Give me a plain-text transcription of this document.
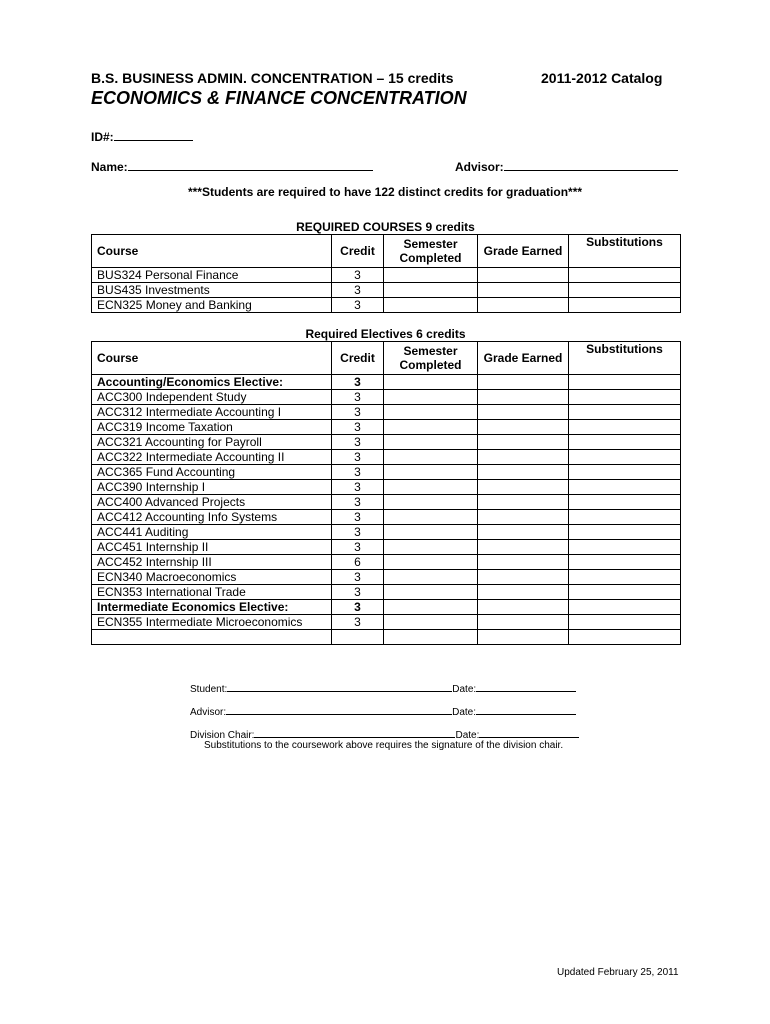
B.S. BUSINESS ADMIN. CONCENTRATION – 15 credits	2011-2012 Catalog
ECONOMICS & FINANCE CONCENTRATION
ID#:
Name:	Advisor:
***Students are required to have 122 distinct credits for graduation***
REQUIRED COURSES 9 credits
Course	Credit	Semester Completed	Grade Earned	Substitutions
BUS324 Personal Finance	3			
BUS435 Investments	3			
ECN325 Money and Banking	3			
Required Electives 6 credits
Course	Credit	Semester Completed	Grade Earned	Substitutions
Accounting/Economics Elective:	3			
ACC300 Independent Study	3			
ACC312 Intermediate Accounting I	3			
ACC319 Income Taxation	3			
ACC321 Accounting for Payroll	3			
ACC322 Intermediate Accounting II	3			
ACC365 Fund Accounting	3			
ACC390 Internship I	3			
ACC400 Advanced Projects	3			
ACC412 Accounting Info Systems	3			
ACC441 Auditing	3			
ACC451 Internship II	3			
ACC452 Internship III	6			
ECN340 Macroeconomics	3			
ECN353 International Trade	3			
Intermediate Economics Elective:	3			
ECN355 Intermediate Microeconomics	3			

Student:	Date:
Advisor:	Date:
Division Chair:	Date:
Substitutions to the coursework above requires the signature of the division chair.
Updated February 25, 2011
